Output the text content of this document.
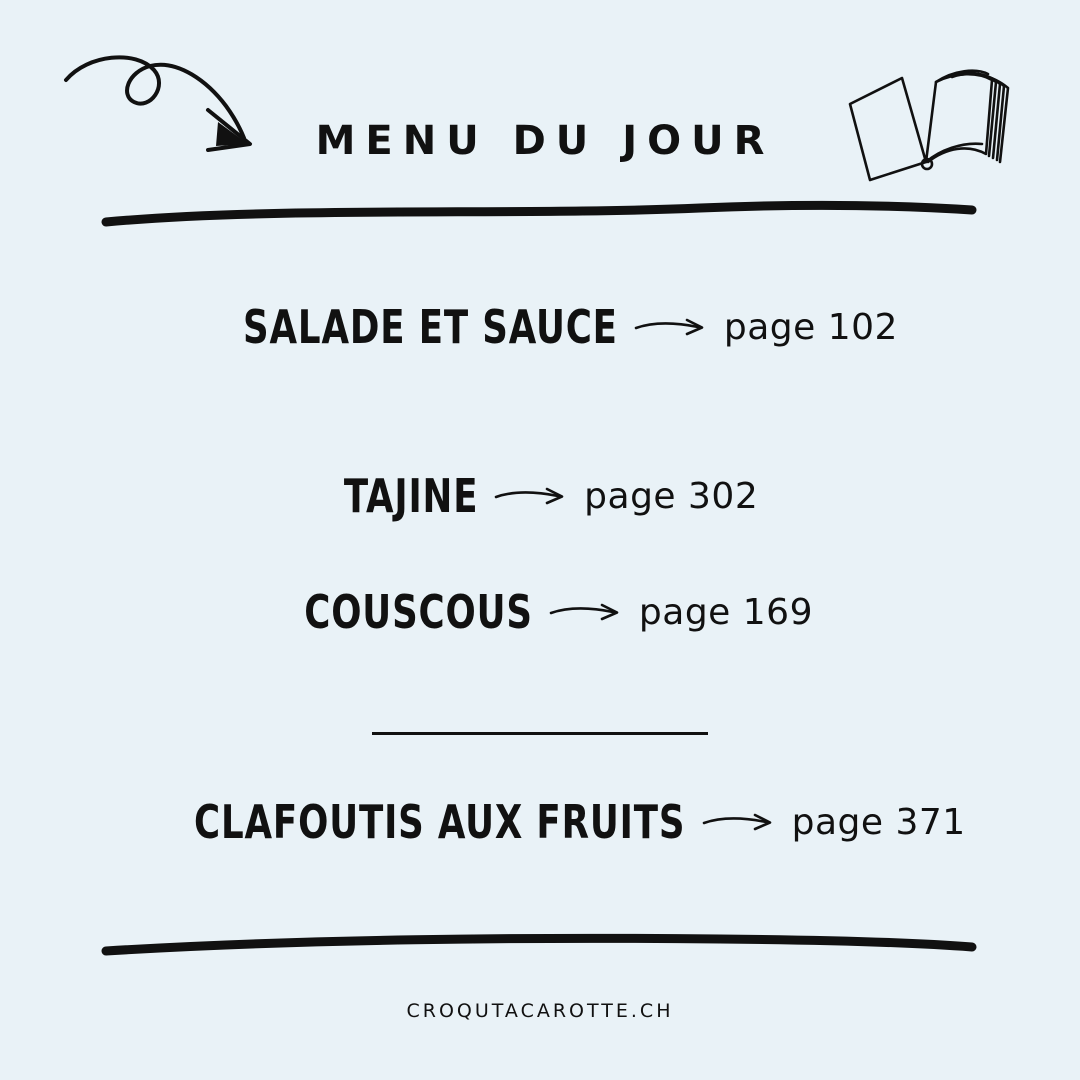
MENU DU JOUR
SALADE ET SAUCE	page 102
TAJINE	page 302
COUSCOUS	page 169
CLAFOUTIS AUX FRUITS	page 371
CROQUTACAROTTE.CH
